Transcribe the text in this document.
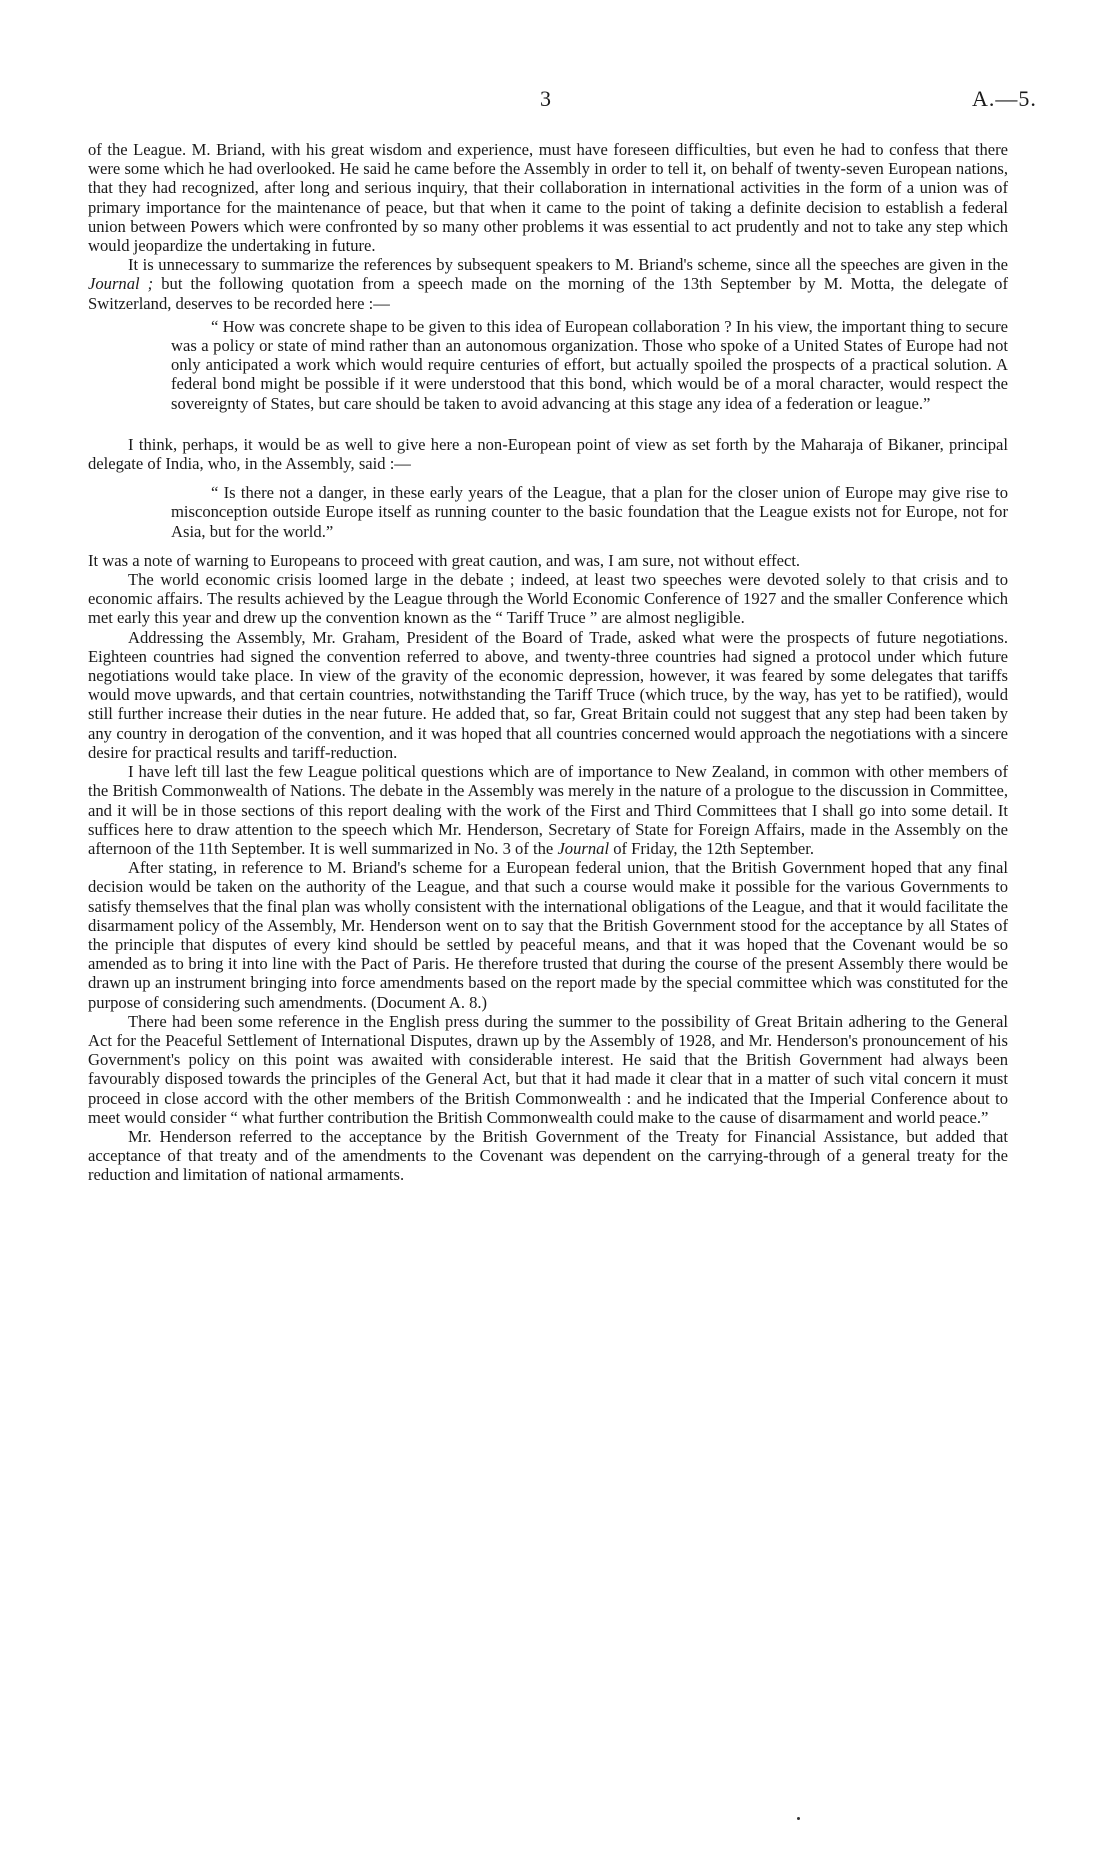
3	A.—5.

of the League. M. Briand, with his great wisdom and experience, must have foreseen difficulties, but even he had to confess that there were some which he had overlooked. He said he came before the Assembly in order to tell it, on behalf of twenty-seven European nations, that they had recognized, after long and serious inquiry, that their collaboration in international activities in the form of a union was of primary importance for the maintenance of peace, but that when it came to the point of taking a definite decision to establish a federal union between Powers which were confronted by so many other problems it was essential to act prudently and not to take any step which would jeopardize the undertaking in future.

It is unnecessary to summarize the references by subsequent speakers to M. Briand's scheme, since all the speeches are given in the Journal ; but the following quotation from a speech made on the morning of the 13th September by M. Motta, the delegate of Switzerland, deserves to be recorded here :—

“ How was concrete shape to be given to this idea of European collaboration ? In his view, the important thing to secure was a policy or state of mind rather than an autonomous organization. Those who spoke of a United States of Europe had not only anticipated a work which would require centuries of effort, but actually spoiled the prospects of a practical solution. A federal bond might be possible if it were understood that this bond, which would be of a moral character, would respect the sovereignty of States, but care should be taken to avoid advancing at this stage any idea of a federation or league.”

I think, perhaps, it would be as well to give here a non-European point of view as set forth by the Maharaja of Bikaner, principal delegate of India, who, in the Assembly, said :—

“ Is there not a danger, in these early years of the League, that a plan for the closer union of Europe may give rise to misconception outside Europe itself as running counter to the basic foundation that the League exists not for Europe, not for Asia, but for the world.”

It was a note of warning to Europeans to proceed with great caution, and was, I am sure, not without effect.

The world economic crisis loomed large in the debate ; indeed, at least two speeches were devoted solely to that crisis and to economic affairs. The results achieved by the League through the World Economic Conference of 1927 and the smaller Conference which met early this year and drew up the convention known as the “ Tariff Truce ” are almost negligible.

Addressing the Assembly, Mr. Graham, President of the Board of Trade, asked what were the prospects of future negotiations. Eighteen countries had signed the convention referred to above, and twenty-three countries had signed a protocol under which future negotiations would take place. In view of the gravity of the economic depression, however, it was feared by some delegates that tariffs would move upwards, and that certain countries, notwithstanding the Tariff Truce (which truce, by the way, has yet to be ratified), would still further increase their duties in the near future. He added that, so far, Great Britain could not suggest that any step had been taken by any country in derogation of the convention, and it was hoped that all countries concerned would approach the negotiations with a sincere desire for practical results and tariff-reduction.

I have left till last the few League political questions which are of importance to New Zealand, in common with other members of the British Commonwealth of Nations. The debate in the Assembly was merely in the nature of a prologue to the discussion in Committee, and it will be in those sections of this report dealing with the work of the First and Third Committees that I shall go into some detail. It suffices here to draw attention to the speech which Mr. Henderson, Secretary of State for Foreign Affairs, made in the Assembly on the afternoon of the 11th September. It is well summarized in No. 3 of the Journal of Friday, the 12th September.

After stating, in reference to M. Briand's scheme for a European federal union, that the British Government hoped that any final decision would be taken on the authority of the League, and that such a course would make it possible for the various Governments to satisfy themselves that the final plan was wholly consistent with the international obligations of the League, and that it would facilitate the disarmament policy of the Assembly, Mr. Henderson went on to say that the British Government stood for the acceptance by all States of the principle that disputes of every kind should be settled by peaceful means, and that it was hoped that the Covenant would be so amended as to bring it into line with the Pact of Paris. He therefore trusted that during the course of the present Assembly there would be drawn up an instrument bringing into force amendments based on the report made by the special committee which was constituted for the purpose of considering such amendments. (Document A. 8.)

There had been some reference in the English press during the summer to the possibility of Great Britain adhering to the General Act for the Peaceful Settlement of International Disputes, drawn up by the Assembly of 1928, and Mr. Henderson's pronouncement of his Government's policy on this point was awaited with considerable interest. He said that the British Government had always been favourably disposed towards the principles of the General Act, but that it had made it clear that in a matter of such vital concern it must proceed in close accord with the other members of the British Commonwealth : and he indicated that the Imperial Conference about to meet would consider “ what further contribution the British Commonwealth could make to the cause of disarmament and world peace.”

Mr. Henderson referred to the acceptance by the British Government of the Treaty for Financial Assistance, but added that acceptance of that treaty and of the amendments to the Covenant was dependent on the carrying-through of a general treaty for the reduction and limitation of national armaments.
